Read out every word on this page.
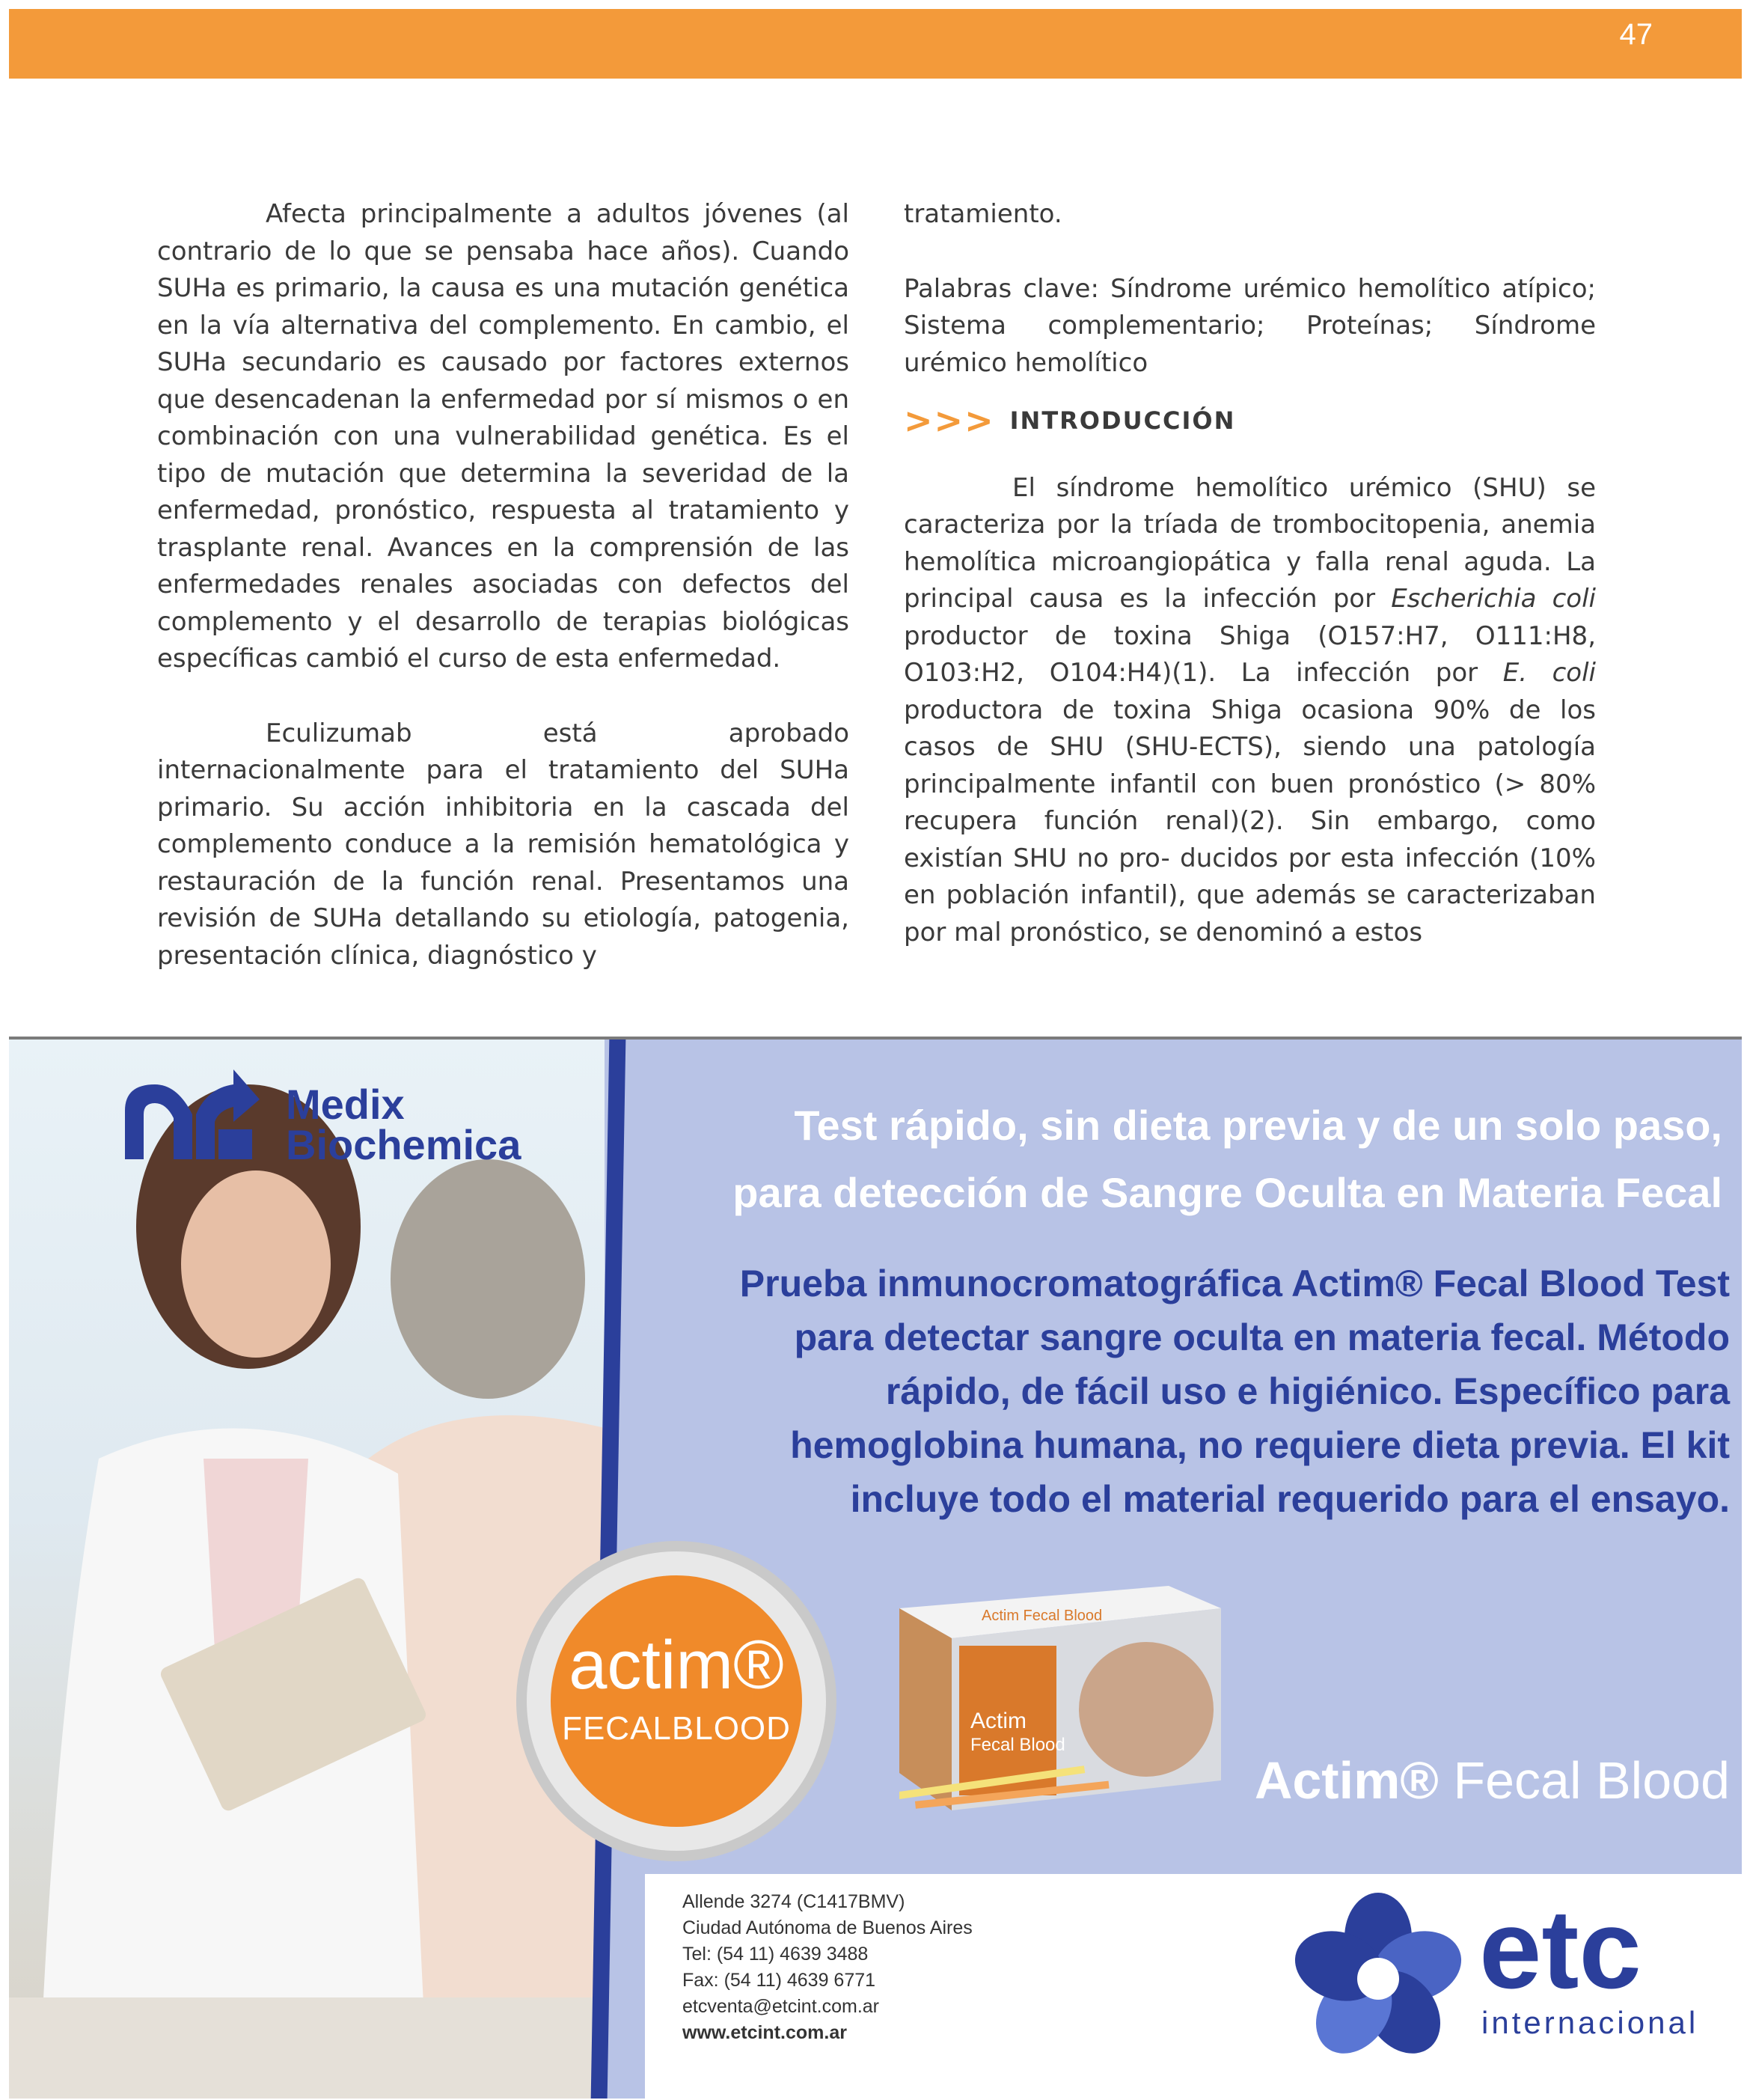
47

Afecta principalmente a adultos jóvenes (al contrario de lo que se pensaba hace años). Cuando SUHa es primario, la causa es una mutación genética en la vía alternativa del complemento. En cambio, el SUHa secundario es causado por factores externos que desencadenan la enfermedad por sí mismos o en combinación con una vulnerabilidad genética. Es el tipo de mutación que determina la severidad de la enfermedad, pronóstico, respuesta al tratamiento y trasplante renal. Avances en la comprensión de las enfermedades renales asociadas con defectos del complemento y el desarrollo de terapias biológicas específicas cambió el curso de esta enfermedad.

Eculizumab está aprobado internacionalmente para el tratamiento del SUHa primario. Su acción inhibitoria en la cascada del complemento conduce a la remisión hematológica y restauración de la función renal. Presentamos una revisión de SUHa detallando su etiología, patogenia, presentación clínica, diagnóstico y

tratamiento.

Palabras clave: Síndrome urémico hemolítico atípico; Sistema complementario; Proteínas; Síndrome urémico hemolítico

>>> INTRODUCCIÓN

El síndrome hemolítico urémico (SHU) se caracteriza por la tríada de trombocitopenia, anemia hemolítica microangiopática y falla renal aguda. La principal causa es la infección por Escherichia coli productor de toxina Shiga (O157:H7, O111:H8, O103:H2, O104:H4)(1). La infección por E. coli productora de toxina Shiga ocasiona 90% de los casos de SHU (SHU-ECTS), siendo una patología principalmente infantil con buen pronóstico (> 80% recupera función renal)(2). Sin embargo, como existían SHU no pro- ducidos por esta infección (10% en población infantil), que además se caracterizaban por mal pronóstico, se denominó a estos

Medix
Biochemica	Test rápido, sin dieta previa y de un solo paso,
para detección de Sangre Oculta en Materia Fecal
Prueba inmunocromatográfica Actim® Fecal Blood Test para detectar sangre oculta en materia fecal. Método rápido, de fácil uso e higiénico. Específico para hemoglobina humana, no requiere dieta previa. El kit incluye todo el material requerido para el ensayo.
actim®
FECALBLOOD	Actim
Fecal Blood
Actim Fecal Blood
Actim® Fecal Blood
Allende 3274 (C1417BMV)
Ciudad Autónoma de Buenos Aires
Tel: (54 11) 4639 3488
Fax: (54 11) 4639 6771
etcventa@etcint.com.ar
www.etcint.com.ar
etc
internacional
